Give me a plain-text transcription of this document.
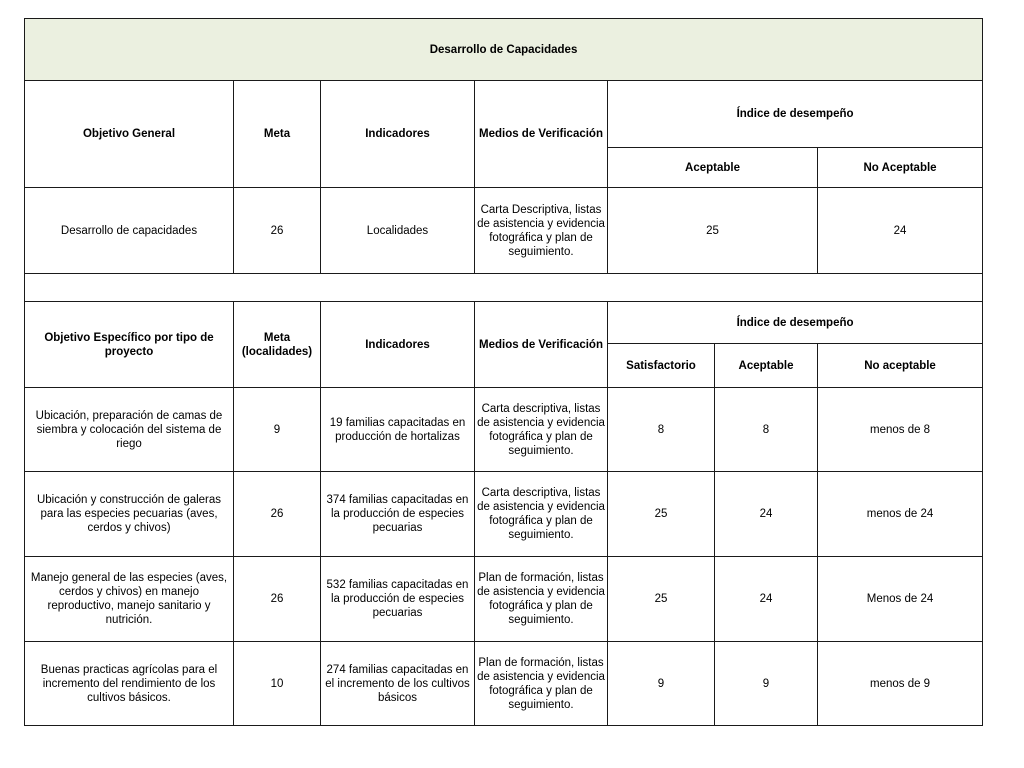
Desarrollo de Capacidades						
Objetivo General	Meta	Indicadores	Medios de Verificación	Índice de desempeño		
				Aceptable		No Aceptable
Desarrollo de capacidades	26	Localidades	Carta Descriptiva, listas de asistencia y evidencia fotográfica y plan de seguimiento.	25		24

Objetivo Específico por tipo de proyecto	Meta (localidades)	Indicadores	Medios de Verificación	Índice de desempeño		
				Satisfactorio	Aceptable	No aceptable
Ubicación, preparación de camas de siembra y colocación del sistema de riego	9	19 familias capacitadas en producción de hortalizas	Carta descriptiva, listas de asistencia y evidencia fotográfica y plan de seguimiento.	8	8	menos de 8
Ubicación y construcción de galeras para las especies pecuarias (aves, cerdos y chivos)	26	374 familias capacitadas en la producción de especies pecuarias	Carta descriptiva, listas de asistencia y evidencia fotográfica y plan de seguimiento.	25	24	menos de 24
Manejo general de las especies (aves, cerdos y chivos) en manejo reproductivo, manejo sanitario y nutrición.	26	532 familias capacitadas en la producción de especies pecuarias	Plan de formación, listas de asistencia y evidencia fotográfica y plan de seguimiento.	25	24	Menos de 24
Buenas practicas agrícolas para el incremento del rendimiento de los cultivos básicos.	10	274 familias capacitadas en el incremento de los cultivos básicos	Plan de formación, listas de asistencia y evidencia fotográfica y plan de seguimiento.	9	9	menos de 9
